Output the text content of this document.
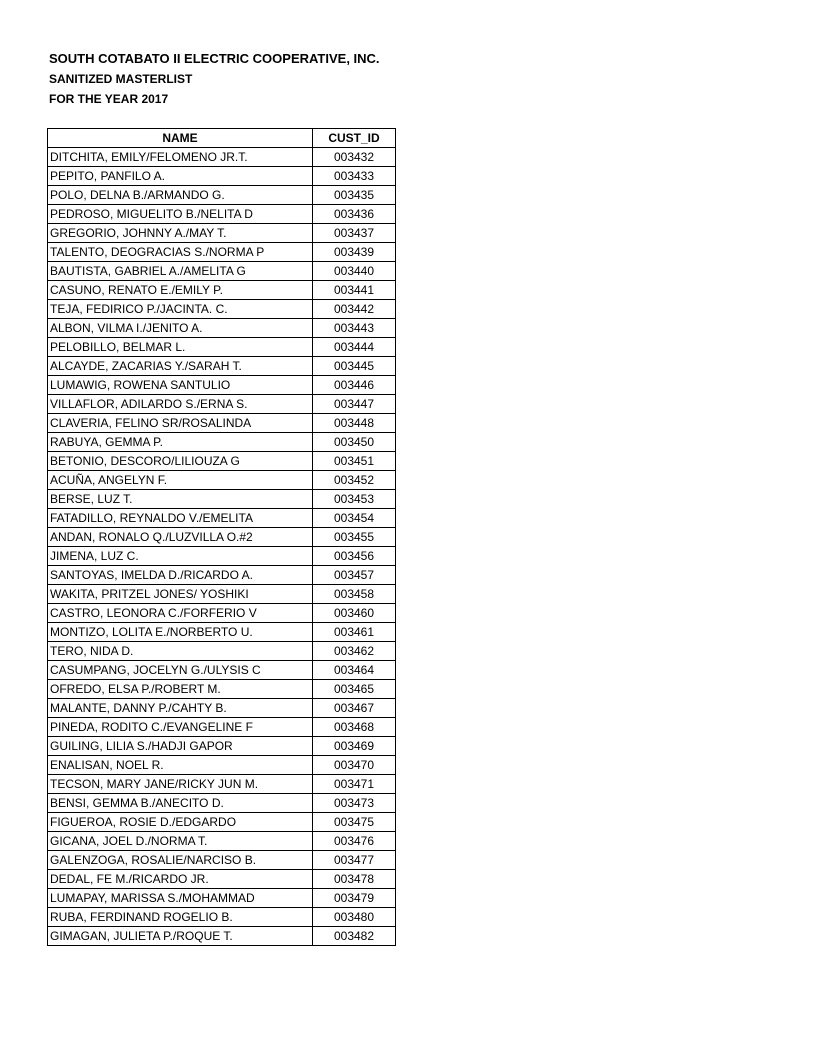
SOUTH COTABATO II ELECTRIC COOPERATIVE, INC.
SANITIZED MASTERLIST
FOR THE YEAR 2017
NAME	CUST_ID
DITCHITA, EMILY/FELOMENO JR.T.	003432
PEPITO, PANFILO A.	003433
POLO, DELNA B./ARMANDO G.	003435
PEDROSO, MIGUELITO B./NELITA D	003436
GREGORIO, JOHNNY A./MAY T.	003437
TALENTO, DEOGRACIAS S./NORMA P	003439
BAUTISTA, GABRIEL A./AMELITA G	003440
CASUNO, RENATO E./EMILY P.	003441
TEJA, FEDIRICO P./JACINTA. C.	003442
ALBON, VILMA I./JENITO A.	003443
PELOBILLO, BELMAR L.	003444
ALCAYDE, ZACARIAS Y./SARAH T.	003445
LUMAWIG, ROWENA SANTULIO	003446
VILLAFLOR, ADILARDO S./ERNA S.	003447
CLAVERIA, FELINO SR/ROSALINDA	003448
RABUYA, GEMMA P.	003450
BETONIO, DESCORO/LILIOUZA G	003451
ACUÑA, ANGELYN F.	003452
BERSE, LUZ T.	003453
FATADILLO, REYNALDO V./EMELITA	003454
ANDAN, RONALO Q./LUZVILLA O.#2	003455
JIMENA, LUZ C.	003456
SANTOYAS, IMELDA D./RICARDO A.	003457
WAKITA, PRITZEL JONES/ YOSHIKI	003458
CASTRO, LEONORA C./FORFERIO V	003460
MONTIZO, LOLITA E./NORBERTO U.	003461
TERO, NIDA D.	003462
CASUMPANG, JOCELYN G./ULYSIS C	003464
OFREDO, ELSA P./ROBERT M.	003465
MALANTE, DANNY P./CAHTY B.	003467
PINEDA, RODITO C./EVANGELINE F	003468
GUILING, LILIA S./HADJI GAPOR	003469
ENALISAN, NOEL R.	003470
TECSON, MARY JANE/RICKY JUN M.	003471
BENSI, GEMMA B./ANECITO D.	003473
FIGUEROA, ROSIE D./EDGARDO	003475
GICANA, JOEL D./NORMA T.	003476
GALENZOGA, ROSALIE/NARCISO B.	003477
DEDAL, FE M./RICARDO JR.	003478
LUMAPAY, MARISSA S./MOHAMMAD	003479
RUBA, FERDINAND ROGELIO B.	003480
GIMAGAN, JULIETA P./ROQUE T.	003482
